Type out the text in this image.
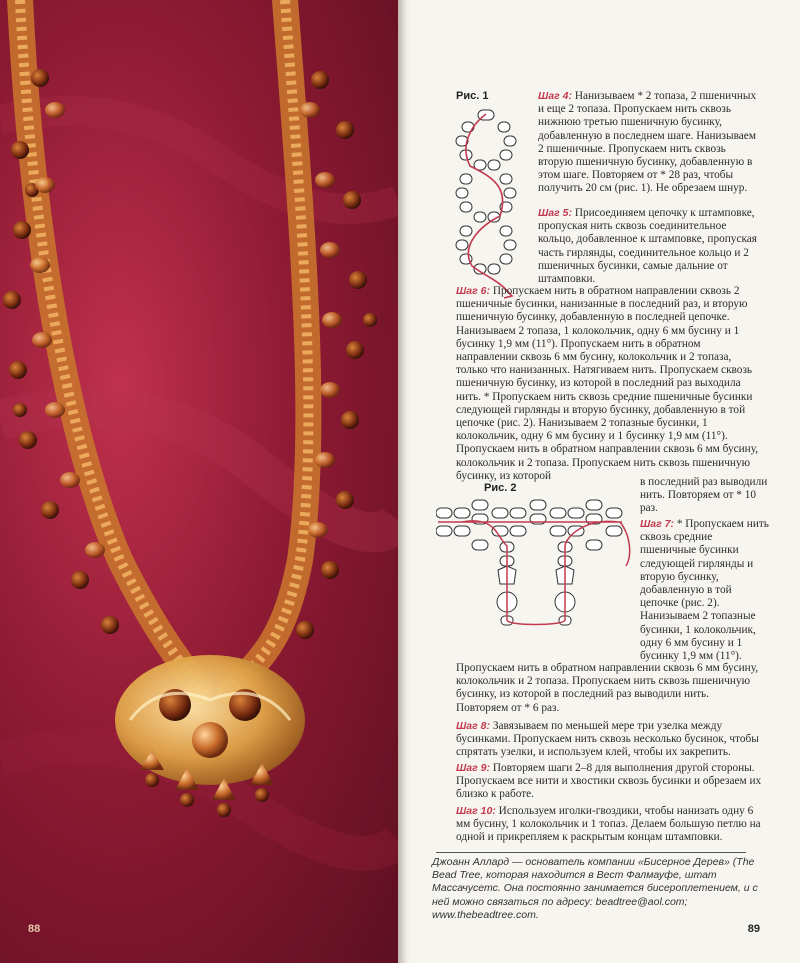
88
Рис. 1	Шаг 4: Нанизываем * 2 топаза, 2 пшеничных и еще 2 топаза. Пропускаем нить сквозь нижнюю третью пшеничную бусинку, добавленную в последнем шаге. Нанизываем 2 пшеничные. Пропускаем нить сквозь вторую пшеничную бусинку, добавленную в этом шаге. Повторяем от * 28 раз, чтобы получить 20 см (рис. 1). Не обрезаем шнур.
Шаг 5: Присоединяем цепочку к штамповке, пропуская нить сквозь соединительное кольцо, добавленное к штамповке, пропуская часть гирлянды, соединительное кольцо и 2 пшеничных бусинки, самые дальние от штамповки.
Шаг 6: Пропускаем нить в обратном направлении сквозь 2 пшеничные бусинки, нанизанные в последний раз, и вторую пшеничную бусинку, добавленную в последней цепочке. Нанизываем 2 топаза, 1 колокольчик, одну 6 мм бусину и 1 бусинку 1,9 мм (11°). Пропускаем нить в обратном направлении сквозь 6 мм бусину, колокольчик и 2 топаза, только что нанизанных. Натягиваем нить. Пропускаем сквозь пшеничную бусинку, из которой в последний раз выходила нить. * Пропускаем нить сквозь средние пшеничные бусинки следующей гирлянды и вторую бусинку, добавленную в той цепочке (рис. 2). Нанизываем 2 топазные бусинки, 1 колокольчик, одну 6 мм бусину и 1 бусинку 1,9 мм (11°). Пропускаем нить в обратном направлении сквозь 6 мм бусину, колокольчик и 2 топаза. Пропускаем нить сквозь пшеничную бусинку, из которой
в последний раз выводили нить. Повторяем от * 10 раз.
Рис. 2
Шаг 7: * Пропускаем нить сквозь средние пшеничные бусинки следующей гирлянды и вторую бусинку, добавленную в той цепочке (рис. 2). Нанизываем 2 топазные бусинки, 1 колокольчик, одну 6 мм бусину и 1 бусинку 1,9 мм (11°).
Пропускаем нить в обратном направлении сквозь 6 мм бусину, колокольчик и 2 топаза. Пропускаем нить сквозь пшеничную бусинку, из которой в последний раз выводили нить. Повторяем от * 6 раз.
Шаг 8: Завязываем по меньшей мере три узелка между бусинками. Пропускаем нить сквозь несколько бусинок, чтобы спрятать узелки, и используем клей, чтобы их закрепить.
Шаг 9: Повторяем шаги 2–8 для выполнения другой стороны. Пропускаем все нити и хвостики сквозь бусинки и обрезаем их близко к работе.
Шаг 10: Используем иголки-гвоздики, чтобы нанизать одну 6 мм бусину, 1 колокольчик и 1 топаз. Делаем большую петлю на одной и прикрепляем к раскрытым концам штамповки.
Джоанн Аллард — основатель компании «Бисерное Дерев» (The Bead Tree, которая находится в Вест Фалмауфе, штат Массачусетс. Она постоянно занимается бисероплетением, и с ней можно связаться по адресу: beadtree@aol.com; www.thebeadtree.com.
89
